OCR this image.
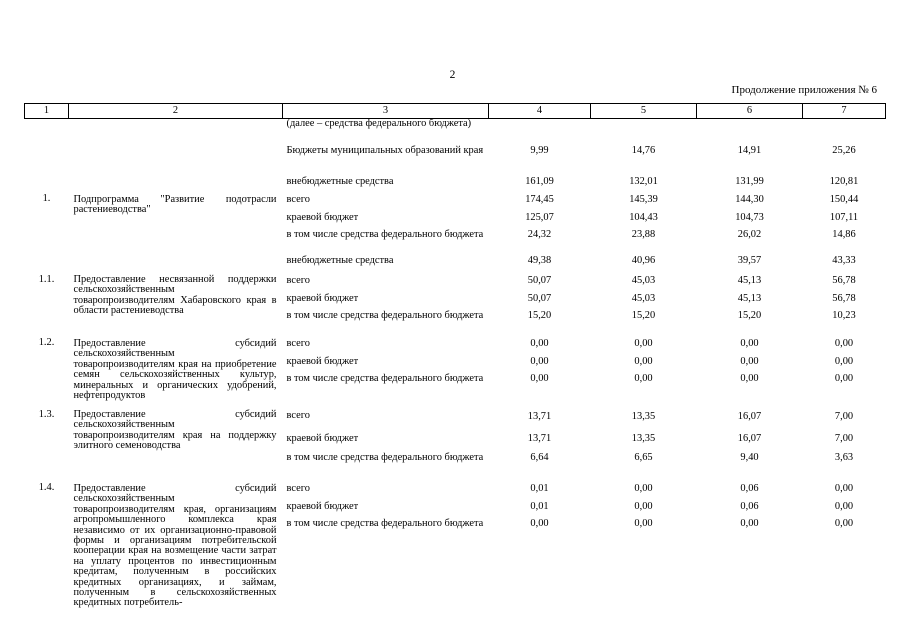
2
Продолжение приложения № 6
1	2	3	4	5	6	7
		(далее – средства федерального бюджета)				
		Бюджеты муниципальных образований края	9,99	14,76	14,91	25,26
		внебюджетные средства	161,09	132,01	131,99	120,81
1.	Подпрограмма "Развитие подотрасли растениеводства"	всего	174,45	145,39	144,30	150,44
		краевой бюджет	125,07	104,43	104,73	107,11
		в том числе средства федерального бюджета	24,32	23,88	26,02	14,86
		внебюджетные средства	49,38	40,96	39,57	43,33
1.1.	Предоставление несвязанной поддержки сельскохозяйственным товаропроизводителям Хабаровского края в области растениеводства	всего	50,07	45,03	45,13	56,78
		краевой бюджет	50,07	45,03	45,13	56,78
		в том числе средства федерального бюджета	15,20	15,20	15,20	10,23
1.2.	Предоставление субсидий сельскохозяйственным товаропроизводителям края на приобретение семян сельскохозяйственных культур, минеральных и органических удобрений, нефтепродуктов	всего	0,00	0,00	0,00	0,00
		краевой бюджет	0,00	0,00	0,00	0,00
		в том числе средства федерального бюджета	0,00	0,00	0,00	0,00
1.3.	Предоставление субсидий сельскохозяйственным товаропроизводителям края на поддержку элитного семеноводства	всего	13,71	13,35	16,07	7,00
		краевой бюджет	13,71	13,35	16,07	7,00
		в том числе средства федерального бюджета	6,64	6,65	9,40	3,63
1.4.	Предоставление субсидий сельскохозяйственным товаропроизводителям края, организациям агропромышленного комплекса края независимо от их организационно-правовой формы и организациям потребительской кооперации края на возмещение части затрат на уплату процентов по инвестиционным кредитам, полученным в российских кредитных организациях, и займам, полученным в сельскохозяйственных кредитных потребитель-	всего	0,01	0,00	0,06	0,00
		краевой бюджет	0,01	0,00	0,06	0,00
		в том числе средства федерального бюджета	0,00	0,00	0,00	0,00
